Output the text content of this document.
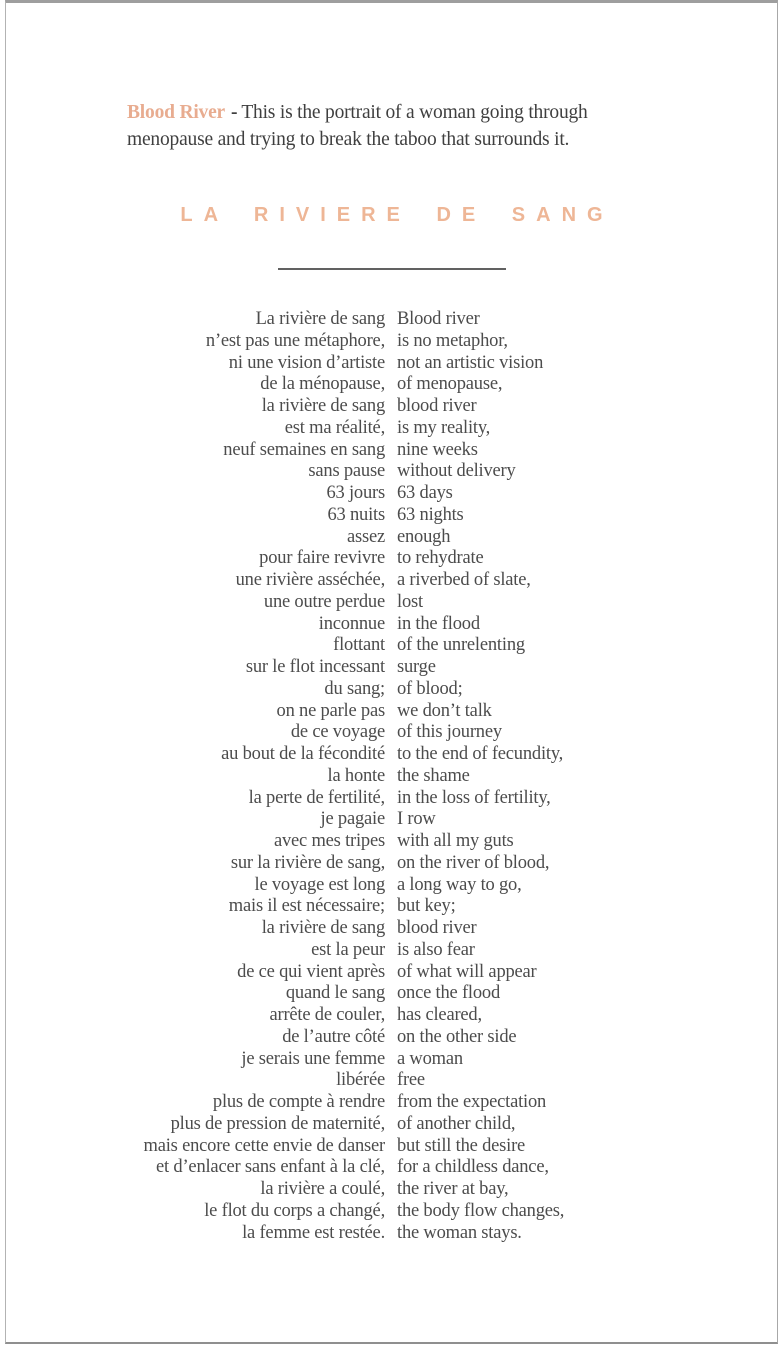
Blood River - This is the portrait of a woman going through menopause and trying to break the taboo that surrounds it.

LA RIVIERE DE SANG
La rivière de sang Blood river
n’est pas une métaphore, is no metaphor,
ni une vision d’artiste not an artistic vision
de la ménopause, of menopause,
la rivière de sang blood river
est ma réalité, is my reality,
neuf semaines en sang nine weeks
sans pause without delivery
63 jours 63 days
63 nuits 63 nights
assez enough
pour faire revivre to rehydrate
une rivière asséchée, a riverbed of slate,
une outre perdue lost
inconnue in the flood
flottant of the unrelenting
sur le flot incessant surge
du sang; of blood;
on ne parle pas we don’t talk
de ce voyage of this journey
au bout de la fécondité to the end of fecundity,
la honte the shame
la perte de fertilité, in the loss of fertility,
je pagaie I row
avec mes tripes with all my guts
sur la rivière de sang, on the river of blood,
le voyage est long a long way to go,
mais il est nécessaire; but key;
la rivière de sang blood river
est la peur is also fear
de ce qui vient après of what will appear
quand le sang once the flood
arrête de couler, has cleared,
de l’autre côté on the other side
je serais une femme a woman
libérée free
plus de compte à rendre from the expectation
plus de pression de maternité, of another child,
mais encore cette envie de danser but still the desire
et d’enlacer sans enfant à la clé, for a childless dance,
la rivière a coulé, the river at bay,
le flot du corps a changé, the body flow changes,
la femme est restée. the woman stays.
